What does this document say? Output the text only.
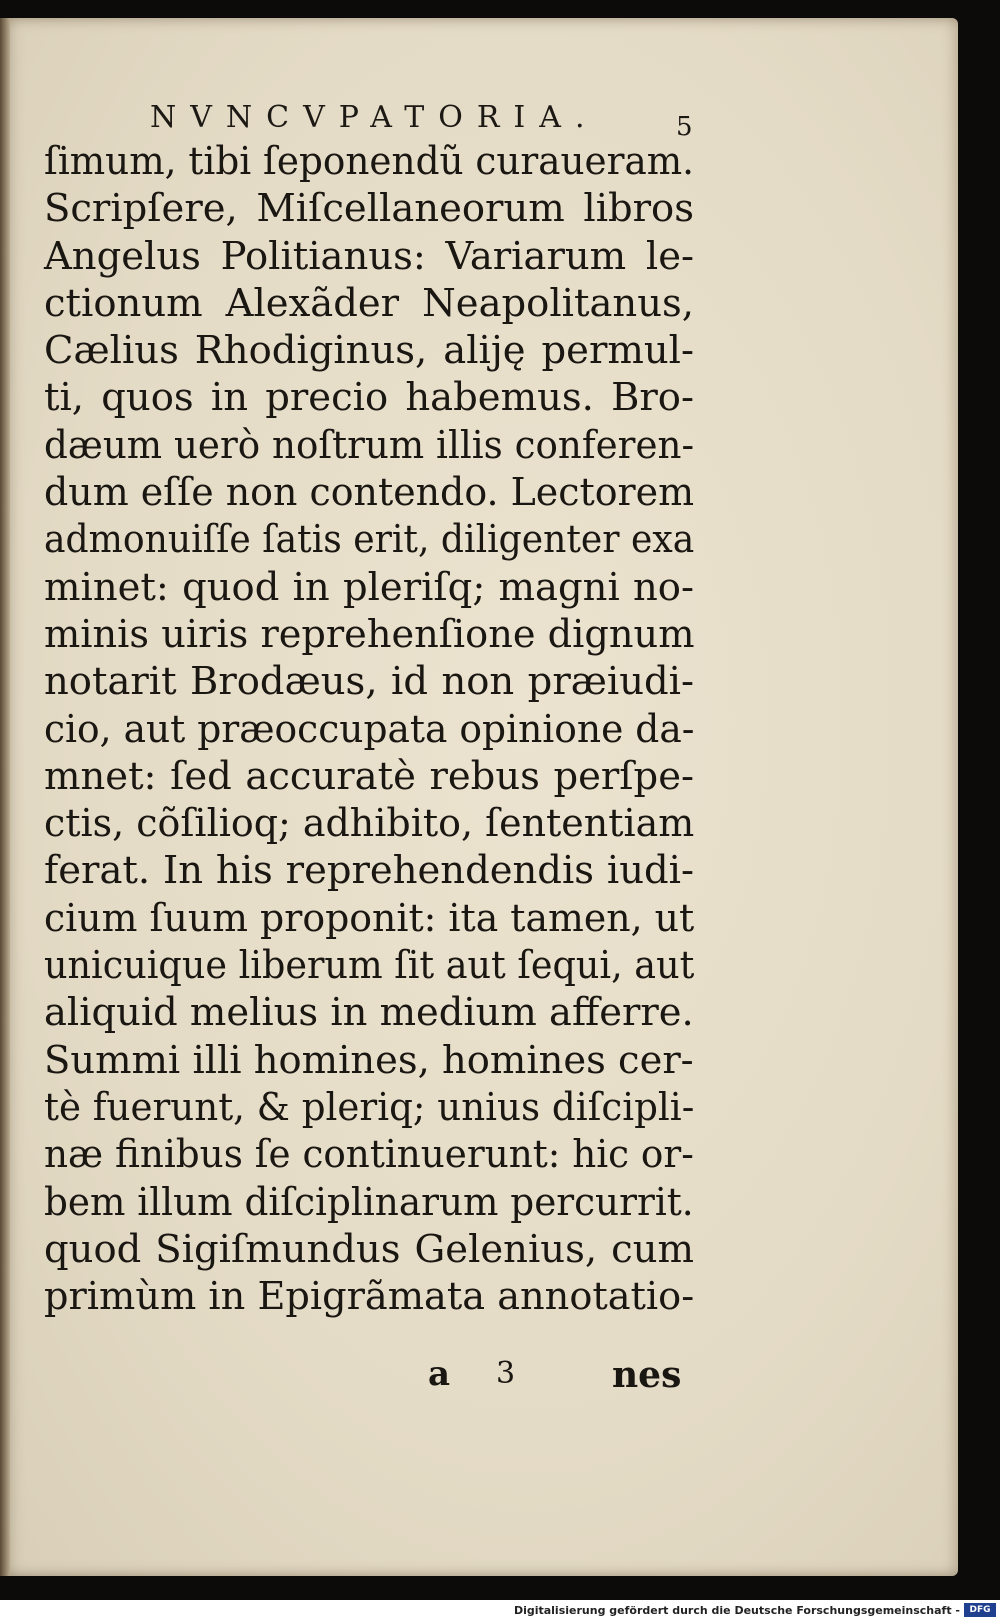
NVNCVPATORIA.	5
ſimum, tibi ſeponendũ curaueram.
Scripſere, Miſcellaneorum libros
Angelus Politianus: Variarum le-
ctionum Alexãder Neapolitanus,
Cælius Rhodiginus, aliję permul-
ti, quos in precio habemus. Bro-
dæum uerò noſtrum illis conferen-
dum eſſe non contendo. Lectorem
admonuiſſe ſatis erit, diligenter exa
minet: quod in pleriſq; magni no-
minis uiris reprehenſione dignum
notarit Brodæus, id non præiudi-
cio, aut præoccupata opinione da-
mnet: ſed accuratè rebus perſpe-
ctis, cõſilioq; adhibito, ſententiam
ferat. In his reprehendendis iudi-
cium ſuum proponit: ita tamen, ut
unicuique liberum ſit aut ſequi, aut
aliquid melius in medium afferre.
Summi illi homines, homines cer-
tè fuerunt, & pleriq; unius diſcipli-
næ finibus ſe continuerunt: hic or-
bem illum diſciplinarum percurrit.
quod Sigiſmundus Gelenius, cum
primùm in Epigrãmata annotatio-
a 3	nes
Digitalisierung gefördert durch die Deutsche Forschungsgemeinschaft -	DFG
